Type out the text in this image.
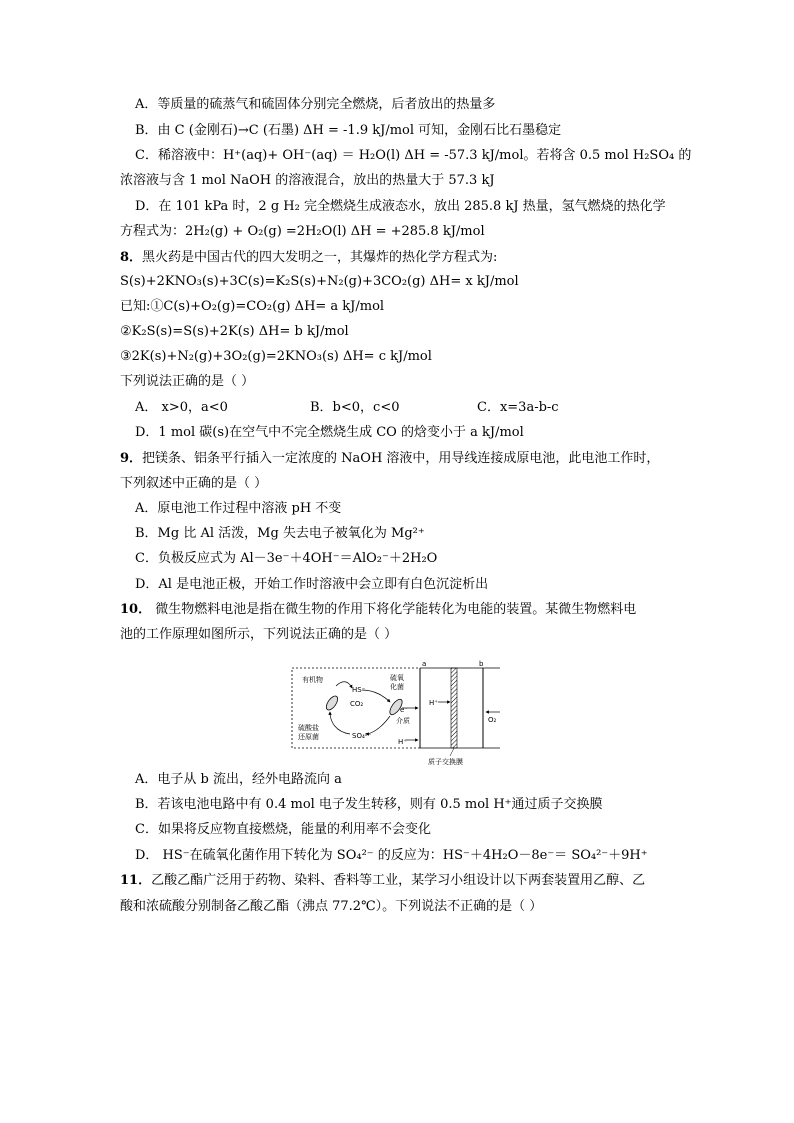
A．等质量的硫蒸气和硫固体分别完全燃烧，后者放出的热量多
B．由 C (金刚石)→C (石墨) ΔH = -1.9 kJ/mol 可知，金刚石比石墨稳定
C．稀溶液中：H⁺(aq)+ OH⁻(aq) ＝ H₂O(l) ΔH = -57.3 kJ/mol。若将含 0.5 mol H₂SO₄ 的
浓溶液与含 1 mol NaOH 的溶液混合，放出的热量大于 57.3 kJ
D．在 101 kPa 时，2 g H₂ 完全燃烧生成液态水，放出 285.8 kJ 热量，氢气燃烧的热化学
方程式为：2H₂(g) + O₂(g) =2H₂O(l) ΔH = +285.8 kJ/mol
8．黑火药是中国古代的四大发明之一，其爆炸的热化学方程式为:
S(s)+2KNO₃(s)+3C(s)=K₂S(s)+N₂(g)+3CO₂(g) ΔH= x kJ/mol
已知:①C(s)+O₂(g)=CO₂(g) ΔH= a kJ/mol
②K₂S(s)=S(s)+2K(s) ΔH= b kJ/mol
③2K(s)+N₂(g)+3O₂(g)=2KNO₃(s) ΔH= c kJ/mol
下列说法正确的是（ ）
A． x>0，a<0	B．b<0，c<0	C．x=3a-b-c
D．1 mol 碳(s)在空气中不完全燃烧生成 CO 的焓变小于 a kJ/mol
9．把镁条、铝条平行插入一定浓度的 NaOH 溶液中，用导线连接成原电池，此电池工作时，
下列叙述中正确的是（ ）
A．原电池工作过程中溶液 pH 不变
B．Mg 比 Al 活泼，Mg 失去电子被氧化为 Mg²⁺
C．负极反应式为 Al－3e⁻＋4OH⁻＝AlO₂⁻＋2H₂O
D．Al 是电池正极，开始工作时溶液中会立即有白色沉淀析出
10． 微生物燃料电池是指在微生物的作用下将化学能转化为电能的装置。某微生物燃料电
池的工作原理如图所示，下列说法正确的是（ ）
a	b
有机物
HS⁻
CO₂
硫氧
化菌
e⁻
介质
硫酸盐
还原菌	SO₄²⁻
H⁺
H⁺
O₂
质子交换膜
A．电子从 b 流出，经外电路流向 a
B．若该电池电路中有 0.4 mol 电子发生转移，则有 0.5 mol H⁺通过质子交换膜
C．如果将反应物直接燃烧，能量的利用率不会变化
D． HS⁻在硫氧化菌作用下转化为 SO₄²⁻ 的反应为：HS⁻＋4H₂O－8e⁻＝ SO₄²⁻＋9H⁺
11．乙酸乙酯广泛用于药物、染料、香料等工业，某学习小组设计以下两套装置用乙醇、乙
酸和浓硫酸分别制备乙酸乙酯（沸点 77.2℃）。下列说法不正确的是（ ）
